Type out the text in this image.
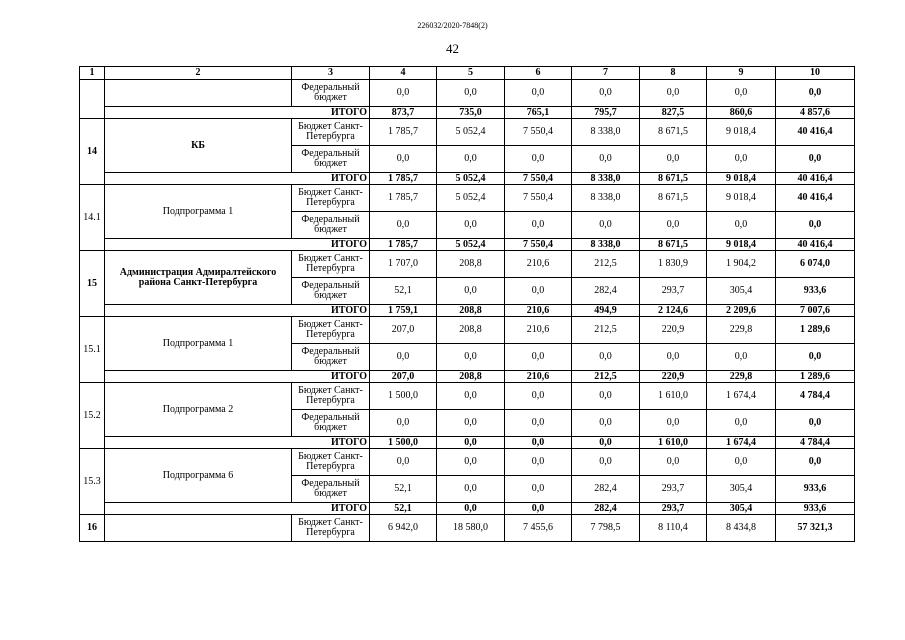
226032/2020-7848(2)
42
1	2	3	4	5	6	7	8	9	10
		Федеральный бюджет	0,0	0,0	0,0	0,0	0,0	0,0	0,0
	ИТОГО		873,7	735,0	765,1	795,7	827,5	860,6	4 857,6
14	КБ	Бюджет Санкт-Петербурга	1 785,7	5 052,4	7 550,4	8 338,0	8 671,5	9 018,4	40 416,4
		Федеральный бюджет	0,0	0,0	0,0	0,0	0,0	0,0	0,0
	ИТОГО		1 785,7	5 052,4	7 550,4	8 338,0	8 671,5	9 018,4	40 416,4
14.1	Подпрограмма 1	Бюджет Санкт-Петербурга	1 785,7	5 052,4	7 550,4	8 338,0	8 671,5	9 018,4	40 416,4
		Федеральный бюджет	0,0	0,0	0,0	0,0	0,0	0,0	0,0
	ИТОГО		1 785,7	5 052,4	7 550,4	8 338,0	8 671,5	9 018,4	40 416,4
15	Администрация Адмиралтейского района Санкт-Петербурга	Бюджет Санкт-Петербурга	1 707,0	208,8	210,6	212,5	1 830,9	1 904,2	6 074,0
		Федеральный бюджет	52,1	0,0	0,0	282,4	293,7	305,4	933,6
	ИТОГО		1 759,1	208,8	210,6	494,9	2 124,6	2 209,6	7 007,6
15.1	Подпрограмма 1	Бюджет Санкт-Петербурга	207,0	208,8	210,6	212,5	220,9	229,8	1 289,6
		Федеральный бюджет	0,0	0,0	0,0	0,0	0,0	0,0	0,0
	ИТОГО		207,0	208,8	210,6	212,5	220,9	229,8	1 289,6
15.2	Подпрограмма 2	Бюджет Санкт-Петербурга	1 500,0	0,0	0,0	0,0	1 610,0	1 674,4	4 784,4
		Федеральный бюджет	0,0	0,0	0,0	0,0	0,0	0,0	0,0
	ИТОГО		1 500,0	0,0	0,0	0,0	1 610,0	1 674,4	4 784,4
15.3	Подпрограмма 6	Бюджет Санкт-Петербурга	0,0	0,0	0,0	0,0	0,0	0,0	0,0
		Федеральный бюджет	52,1	0,0	0,0	282,4	293,7	305,4	933,6
	ИТОГО		52,1	0,0	0,0	282,4	293,7	305,4	933,6
16		Бюджет Санкт-Петербурга	6 942,0	18 580,0	7 455,6	7 798,5	8 110,4	8 434,8	57 321,3
